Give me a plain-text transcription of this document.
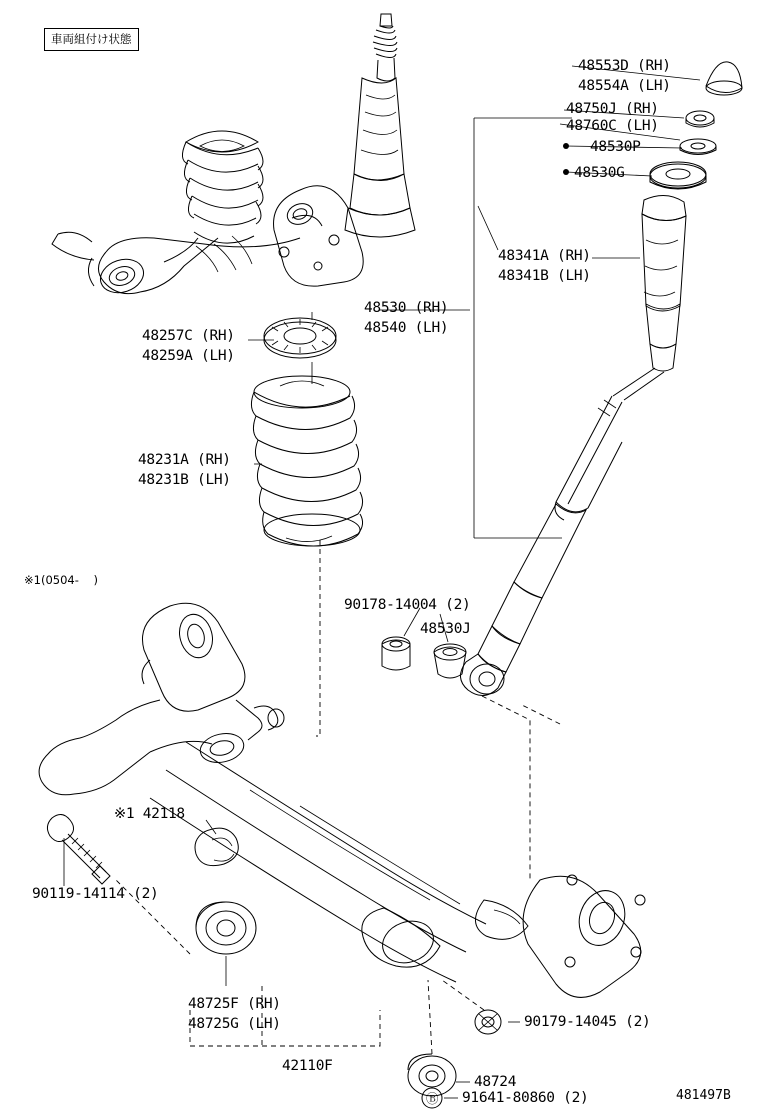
車両組付け状態
48553D (RH)
48554A (LH)
48750J (RH)
48760C (LH)
48530P
48530G
48341A (RH)
48341B (LH)
48530 (RH)
48540 (LH)
48257C (RH)
48259A (LH)
48231A (RH)
48231B (LH)
※1(0504-    )
90178-14004 (2)
48530J
※1 42118
90119-14114 (2)
48725F (RH)
48725G (LH)
42110F
90179-14045 (2)
48724
91641-80860 (2)
Ⓑ	481497B
